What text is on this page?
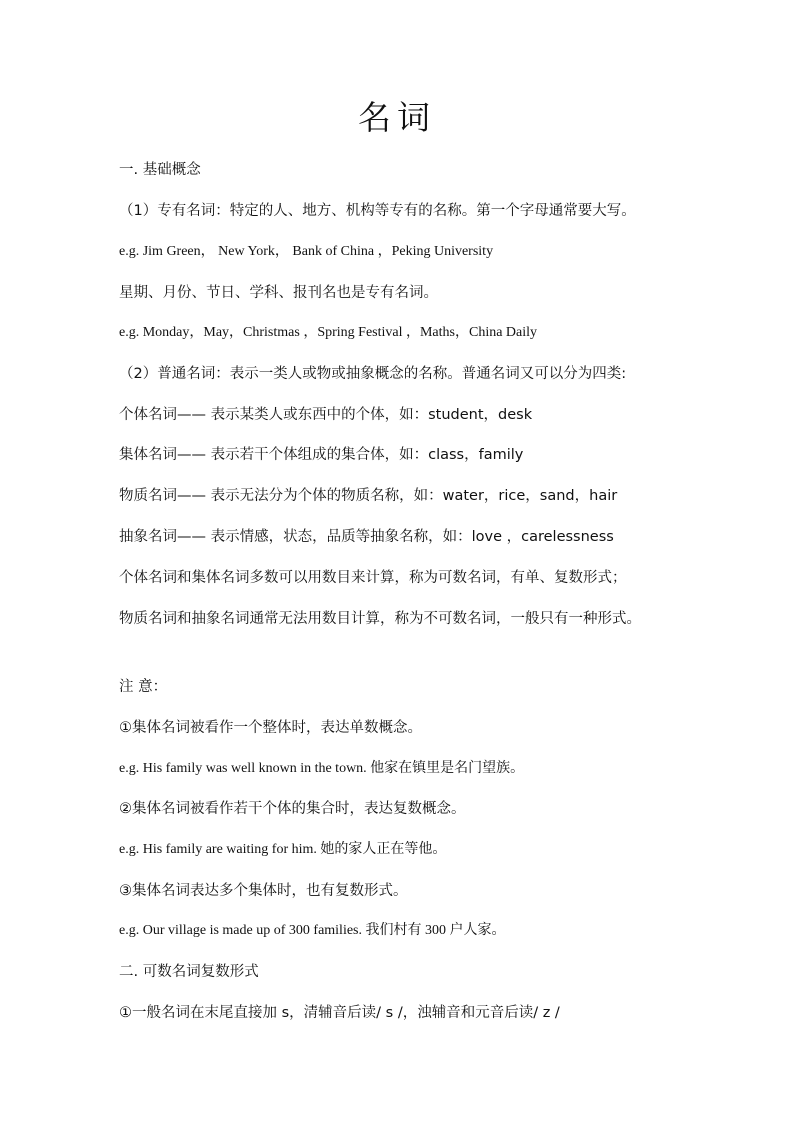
名词
一. 基础概念
（1）专有名词：特定的人、地方、机构等专有的名称。第一个字母通常要大写。
e.g. Jim Green， New York， Bank of China ，Peking University
星期、月份、节日、学科、报刊名也是专有名词。
e.g. Monday，May，Christmas ，Spring Festival ，Maths，China Daily
（2）普通名词：表示一类人或物或抽象概念的名称。普通名词又可以分为四类:
个体名词—— 表示某类人或东西中的个体，如：student，desk
集体名词—— 表示若干个体组成的集合体，如：class，family
物质名词—— 表示无法分为个体的物质名称，如：water，rice，sand，hair
抽象名词—— 表示情感，状态，品质等抽象名称，如：love ，carelessness
个体名词和集体名词多数可以用数目来计算，称为可数名词，有单、复数形式；
物质名词和抽象名词通常无法用数目计算，称为不可数名词，一般只有一种形式。
注 意：
①集体名词被看作一个整体时，表达单数概念。
e.g. His family was well known in the town. 他家在镇里是名门望族。
②集体名词被看作若干个体的集合时，表达复数概念。
e.g. His family are waiting for him. 她的家人正在等他。
③集体名词表达多个集体时，也有复数形式。
e.g. Our village is made up of 300 families. 我们村有 300 户人家。
二. 可数名词复数形式
①一般名词在末尾直接加 s，清辅音后读/ s /，浊辅音和元音后读/ z /
